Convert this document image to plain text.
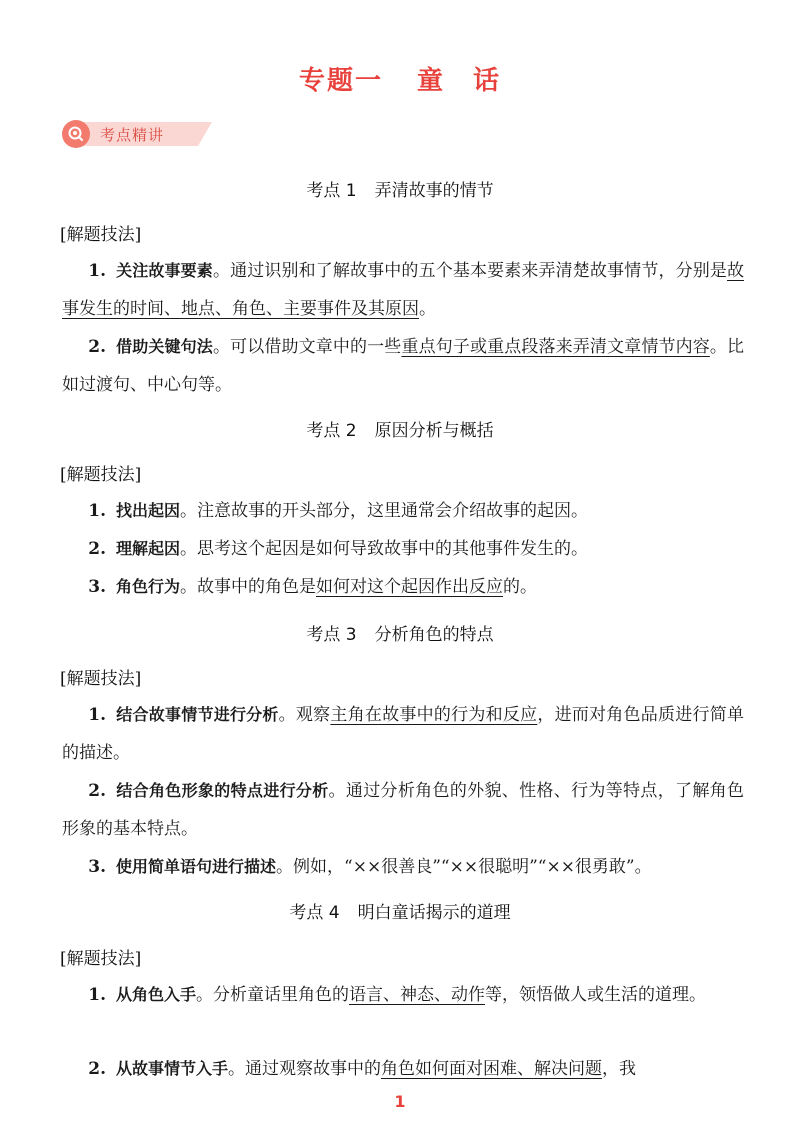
专题一 童　话
考点精讲
考点 1 弄清故事的情节
[解题技法]
1. 关注故事要素。通过识别和了解故事中的五个基本要素来弄清楚故事情节，分别是故事发生的时间、地点、角色、主要事件及其原因。
2. 借助关键句法。可以借助文章中的一些重点句子或重点段落来弄清文章情节内容。比如过渡句、中心句等。
考点 2 原因分析与概括
[解题技法]
1. 找出起因。注意故事的开头部分，这里通常会介绍故事的起因。
2. 理解起因。思考这个起因是如何导致故事中的其他事件发生的。
3. 角色行为。故事中的角色是如何对这个起因作出反应的。
考点 3 分析角色的特点
[解题技法]
1. 结合故事情节进行分析。观察主角在故事中的行为和反应，进而对角色品质进行简单的描述。
2. 结合角色形象的特点进行分析。通过分析角色的外貌、性格、行为等特点，了解角色形象的基本特点。
3. 使用简单语句进行描述。例如，“××很善良”“××很聪明”“××很勇敢”。
考点 4 明白童话揭示的道理
[解题技法]
1. 从角色入手。分析童话里角色的语言、神态、动作等，领悟做人或生活的道理。
2. 从故事情节入手。通过观察故事中的角色如何面对困难、解决问题，我
1
